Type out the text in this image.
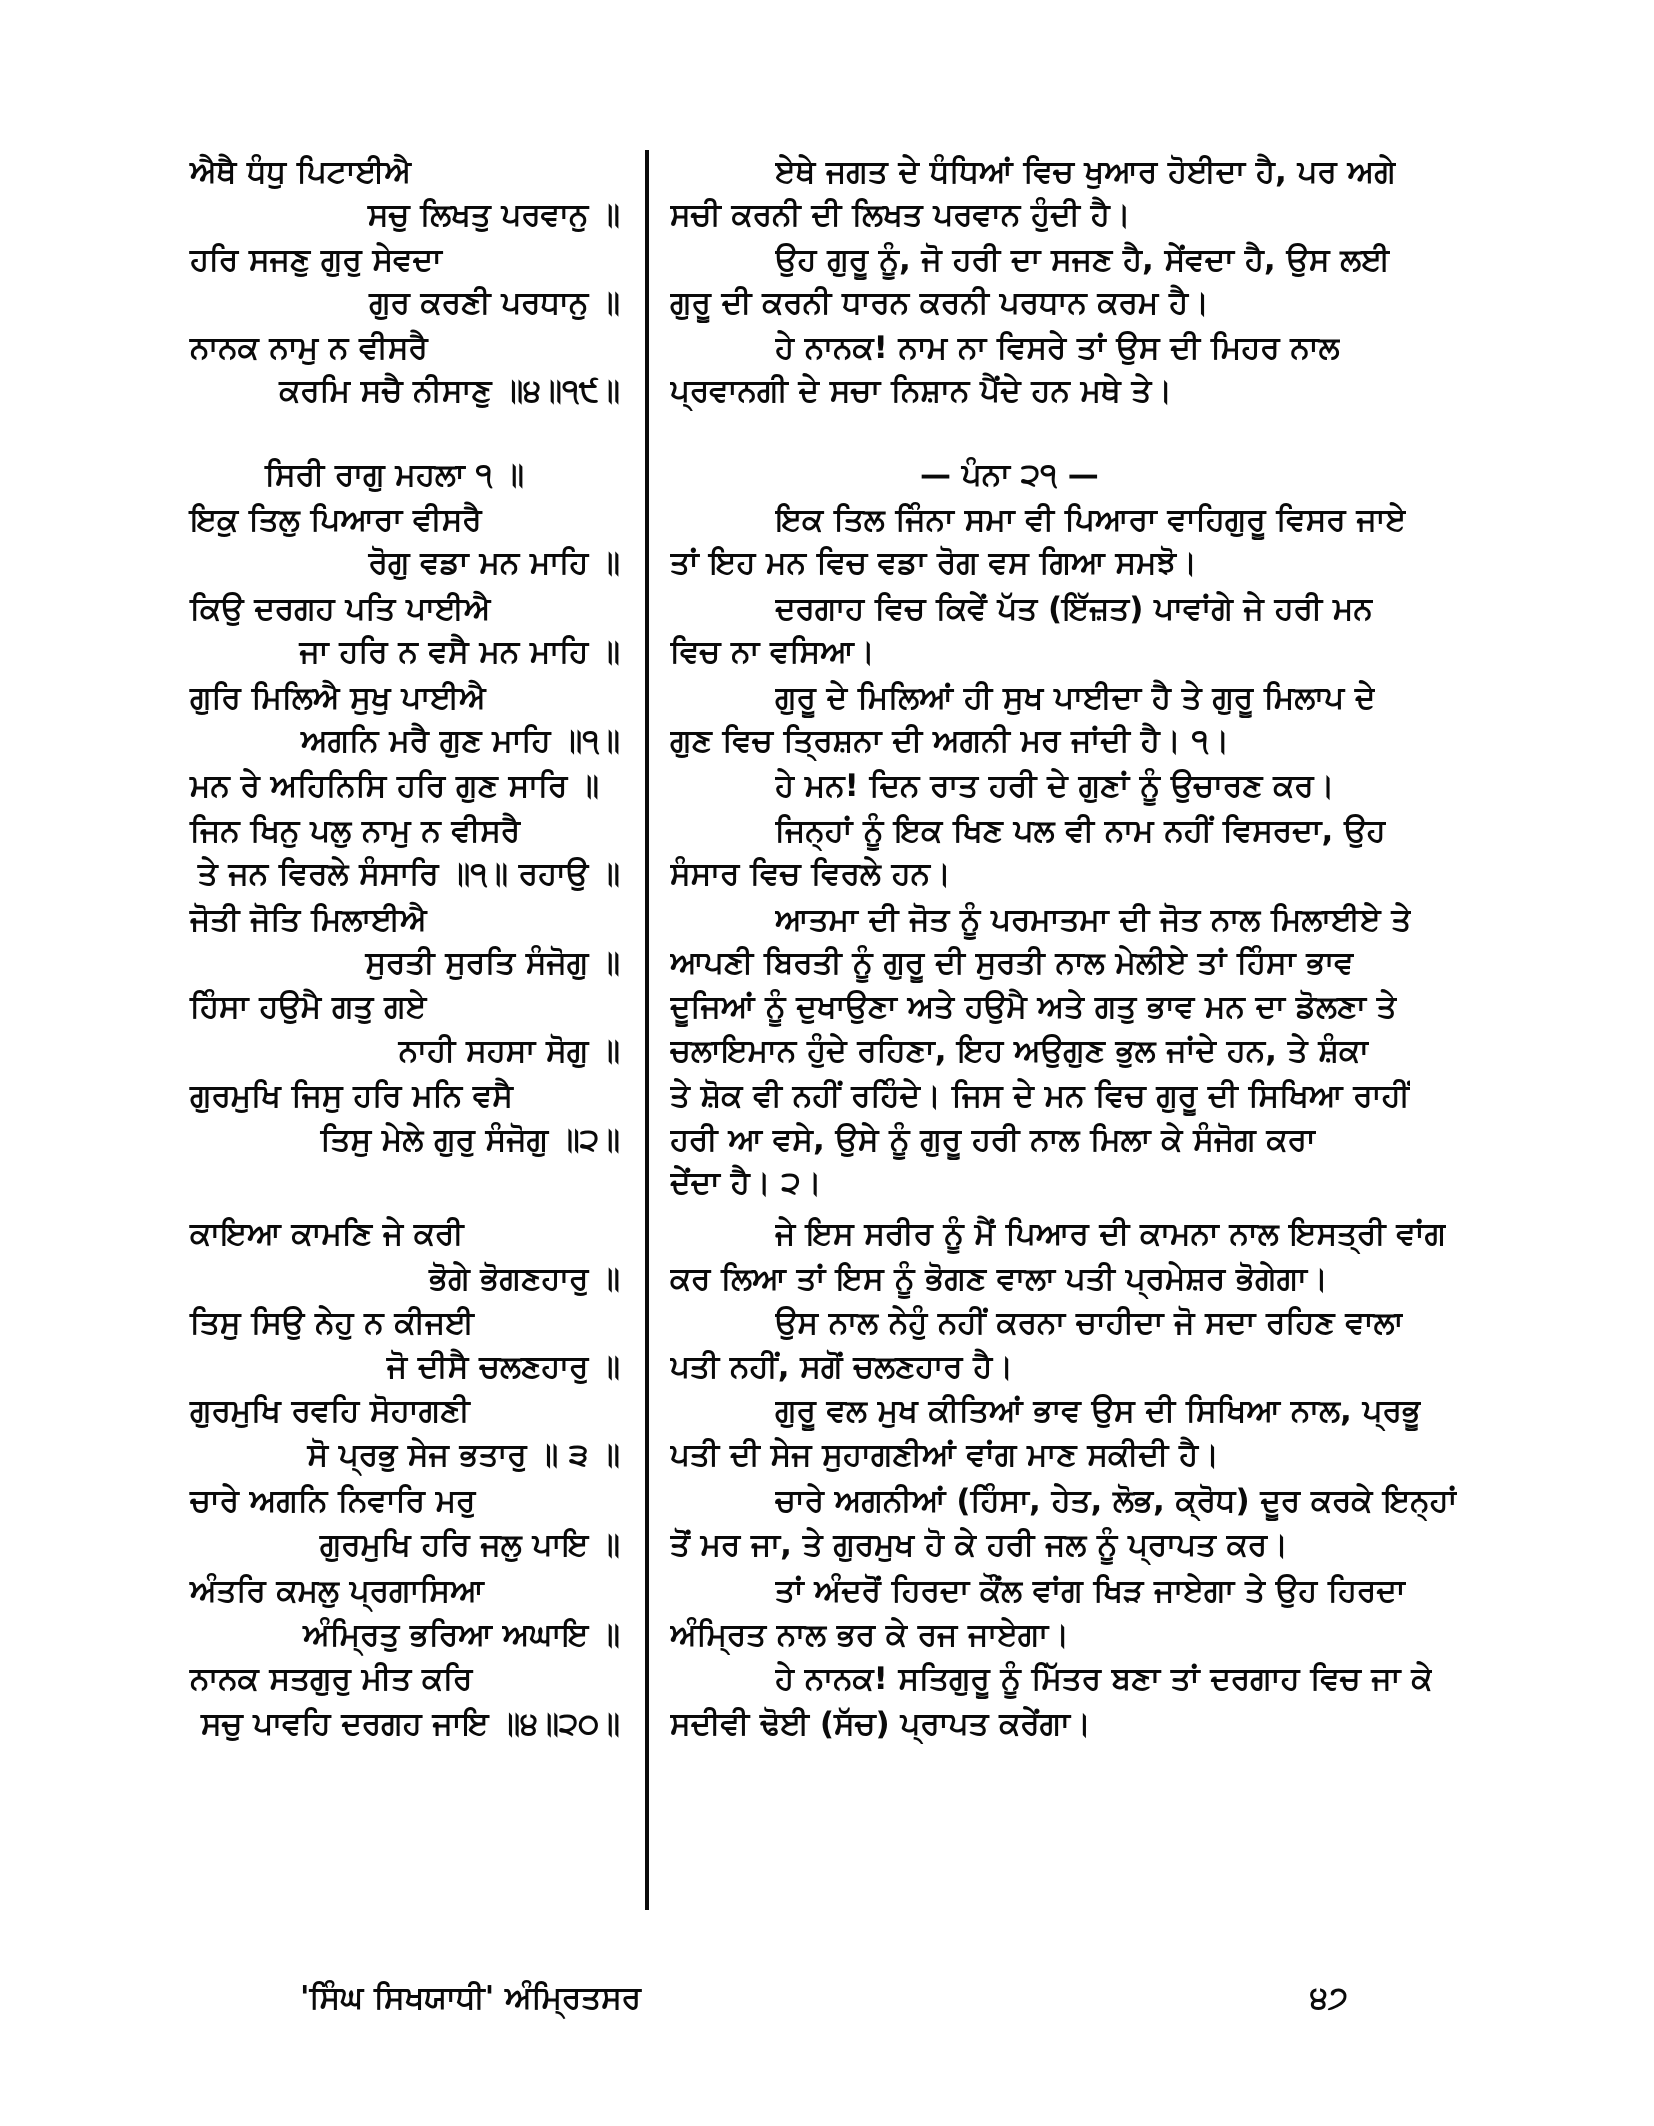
ਐਥੈ ਧੰਧੁ ਪਿਟਾਈਐ
ਸਚੁ ਲਿਖਤੁ ਪਰਵਾਨੁ ॥
ਹਰਿ ਸਜਣੁ ਗੁਰੁ ਸੇਵਦਾ
ਗੁਰ ਕਰਣੀ ਪਰਧਾਨੁ ॥
ਨਾਨਕ ਨਾਮੁ ਨ ਵੀਸਰੈ
ਕਰਮਿ ਸਚੈ ਨੀਸਾਣੁ ॥੪॥੧੯॥
ਸਿਰੀ ਰਾਗੁ ਮਹਲਾ ੧ ॥
ਇਕੁ ਤਿਲੁ ਪਿਆਰਾ ਵੀਸਰੈ
ਰੋਗੁ ਵਡਾ ਮਨ ਮਾਹਿ ॥
ਕਿਉ ਦਰਗਹ ਪਤਿ ਪਾਈਐ
ਜਾ ਹਰਿ ਨ ਵਸੈ ਮਨ ਮਾਹਿ ॥
ਗੁਰਿ ਮਿਲਿਐ ਸੁਖੁ ਪਾਈਐ
ਅਗਨਿ ਮਰੈ ਗੁਣ ਮਾਹਿ ॥੧॥
ਮਨ ਰੇ ਅਹਿਨਿਸਿ ਹਰਿ ਗੁਣ ਸਾਰਿ ॥
ਜਿਨ ਖਿਨੁ ਪਲੁ ਨਾਮੁ ਨ ਵੀਸਰੈ
ਤੇ ਜਨ ਵਿਰਲੇ ਸੰਸਾਰਿ ॥੧॥ ਰਹਾਉ ॥
ਜੋਤੀ ਜੋਤਿ ਮਿਲਾਈਐ
ਸੁਰਤੀ ਸੁਰਤਿ ਸੰਜੋਗੁ ॥
ਹਿੰਸਾ ਹਉਮੈ ਗਤੁ ਗਏ
ਨਾਹੀ ਸਹਸਾ ਸੋਗੁ ॥
ਗੁਰਮੁਖਿ ਜਿਸੁ ਹਰਿ ਮਨਿ ਵਸੈ
ਤਿਸੁ ਮੇਲੇ ਗੁਰੁ ਸੰਜੋਗੁ ॥੨॥
ਕਾਇਆ ਕਾਮਣਿ ਜੇ ਕਰੀ
ਭੋਗੇ ਭੋਗਣਹਾਰੁ ॥
ਤਿਸੁ ਸਿਉ ਨੇਹੁ ਨ ਕੀਜਈ
ਜੋ ਦੀਸੈ ਚਲਣਹਾਰੁ ॥
ਗੁਰਮੁਖਿ ਰਵਹਿ ਸੋਹਾਗਣੀ
ਸੋ ਪ੍ਰਭੁ ਸੇਜ ਭਤਾਰੁ ॥ ੩ ॥
ਚਾਰੇ ਅਗਨਿ ਨਿਵਾਰਿ ਮਰੁ
ਗੁਰਮੁਖਿ ਹਰਿ ਜਲੁ ਪਾਇ ॥
ਅੰਤਰਿ ਕਮਲੁ ਪ੍ਰਗਾਸਿਆ
ਅੰਮ੍ਰਿਤੁ ਭਰਿਆ ਅਘਾਇ ॥
ਨਾਨਕ ਸਤਗੁਰੁ ਮੀਤ ਕਰਿ
ਸਚੁ ਪਾਵਹਿ ਦਰਗਹ ਜਾਇ ॥੪॥੨੦॥
ਏਥੇ ਜਗਤ ਦੇ ਧੰਧਿਆਂ ਵਿਚ ਖੁਆਰ ਹੋਈਦਾ ਹੈ, ਪਰ ਅਗੇ
ਸਚੀ ਕਰਨੀ ਦੀ ਲਿਖਤ ਪਰਵਾਨ ਹੁੰਦੀ ਹੈ।
ਉਹ ਗੁਰੂ ਨੂੰ, ਜੋ ਹਰੀ ਦਾ ਸਜਣ ਹੈ, ਸੇਂਵਦਾ ਹੈ, ਉਸ ਲਈ
ਗੁਰੂ ਦੀ ਕਰਨੀ ਧਾਰਨ ਕਰਨੀ ਪਰਧਾਨ ਕਰਮ ਹੈ।
ਹੇ ਨਾਨਕ! ਨਾਮ ਨਾ ਵਿਸਰੇ ਤਾਂ ਉਸ ਦੀ ਮਿਹਰ ਨਾਲ
ਪ੍ਰਵਾਨਗੀ ਦੇ ਸਚਾ ਨਿਸ਼ਾਨ ਪੈਂਦੇ ਹਨ ਮਥੇ ਤੇ।
— ਪੰਨਾ ੨੧ —
ਇਕ ਤਿਲ ਜਿੰਨਾ ਸਮਾ ਵੀ ਪਿਆਰਾ ਵਾਹਿਗੁਰੂ ਵਿਸਰ ਜਾਏ
ਤਾਂ ਇਹ ਮਨ ਵਿਚ ਵਡਾ ਰੋਗ ਵਸ ਗਿਆ ਸਮਝੋ।
ਦਰਗਾਹ ਵਿਚ ਕਿਵੇਂ ਪੱਤ (ਇੱਜ਼ਤ) ਪਾਵਾਂਗੇ ਜੇ ਹਰੀ ਮਨ
ਵਿਚ ਨਾ ਵਸਿਆ।
ਗੁਰੂ ਦੇ ਮਿਲਿਆਂ ਹੀ ਸੁਖ ਪਾਈਦਾ ਹੈ ਤੇ ਗੁਰੂ ਮਿਲਾਪ ਦੇ
ਗੁਣ ਵਿਚ ਤ੍ਰਿਸ਼ਨਾ ਦੀ ਅਗਨੀ ਮਰ ਜਾਂਦੀ ਹੈ। ੧।
ਹੇ ਮਨ! ਦਿਨ ਰਾਤ ਹਰੀ ਦੇ ਗੁਣਾਂ ਨੂੰ ਉਚਾਰਣ ਕਰ।
ਜਿਨ੍ਹਾਂ ਨੂੰ ਇਕ ਖਿਣ ਪਲ ਵੀ ਨਾਮ ਨਹੀਂ ਵਿਸਰਦਾ, ਉਹ
ਸੰਸਾਰ ਵਿਚ ਵਿਰਲੇ ਹਨ।
ਆਤਮਾ ਦੀ ਜੋਤ ਨੂੰ ਪਰਮਾਤਮਾ ਦੀ ਜੋਤ ਨਾਲ ਮਿਲਾਈਏ ਤੇ
ਆਪਣੀ ਬਿਰਤੀ ਨੂੰ ਗੁਰੂ ਦੀ ਸੁਰਤੀ ਨਾਲ ਮੇਲੀਏ ਤਾਂ ਹਿੰਸਾ ਭਾਵ
ਦੂਜਿਆਂ ਨੂੰ ਦੁਖਾਉਣਾ ਅਤੇ ਹਉਮੈ ਅਤੇ ਗਤੁ ਭਾਵ ਮਨ ਦਾ ਡੋਲਣਾ ਤੇ
ਚਲਾਇਮਾਨ ਹੁੰਦੇ ਰਹਿਣਾ, ਇਹ ਅਉਗੁਣ ਭੁਲ ਜਾਂਦੇ ਹਨ, ਤੇ ਸ਼ੰਕਾ
ਤੇ ਸ਼ੋਕ ਵੀ ਨਹੀਂ ਰਹਿੰਦੇ। ਜਿਸ ਦੇ ਮਨ ਵਿਚ ਗੁਰੂ ਦੀ ਸਿਖਿਆ ਰਾਹੀਂ
ਹਰੀ ਆ ਵਸੇ, ਉਸੇ ਨੂੰ ਗੁਰੂ ਹਰੀ ਨਾਲ ਮਿਲਾ ਕੇ ਸੰਜੋਗ ਕਰਾ
ਦੇਂਦਾ ਹੈ। ੨।
ਜੇ ਇਸ ਸਰੀਰ ਨੂੰ ਮੈਂ ਪਿਆਰ ਦੀ ਕਾਮਨਾ ਨਾਲ ਇਸਤ੍ਰੀ ਵਾਂਗ
ਕਰ ਲਿਆ ਤਾਂ ਇਸ ਨੂੰ ਭੋਗਣ ਵਾਲਾ ਪਤੀ ਪ੍ਰਮੇਸ਼ਰ ਭੋਗੇਗਾ।
ਉਸ ਨਾਲ ਨੇਹੁੰ ਨਹੀਂ ਕਰਨਾ ਚਾਹੀਦਾ ਜੋ ਸਦਾ ਰਹਿਣ ਵਾਲਾ
ਪਤੀ ਨਹੀਂ, ਸਗੋਂ ਚਲਣਹਾਰ ਹੈ।
ਗੁਰੂ ਵਲ ਮੁਖ ਕੀਤਿਆਂ ਭਾਵ ਉਸ ਦੀ ਸਿਖਿਆ ਨਾਲ, ਪ੍ਰਭੂ
ਪਤੀ ਦੀ ਸੇਜ ਸੁਹਾਗਣੀਆਂ ਵਾਂਗ ਮਾਣ ਸਕੀਦੀ ਹੈ।
ਚਾਰੇ ਅਗਨੀਆਂ (ਹਿੰਸਾ, ਹੇਤ, ਲੋਭ, ਕ੍ਰੋਧ) ਦੂਰ ਕਰਕੇ ਇਨ੍ਹਾਂ
ਤੋਂ ਮਰ ਜਾ, ਤੇ ਗੁਰਮੁਖ ਹੋ ਕੇ ਹਰੀ ਜਲ ਨੂੰ ਪ੍ਰਾਪਤ ਕਰ।
ਤਾਂ ਅੰਦਰੋਂ ਹਿਰਦਾ ਕੌਂਲ ਵਾਂਗ ਖਿੜ ਜਾਏਗਾ ਤੇ ਉਹ ਹਿਰਦਾ
ਅੰਮ੍ਰਿਤ ਨਾਲ ਭਰ ਕੇ ਰਜ ਜਾਏਗਾ।
ਹੇ ਨਾਨਕ! ਸਤਿਗੁਰੂ ਨੂੰ ਮਿੱਤਰ ਬਣਾ ਤਾਂ ਦਰਗਾਹ ਵਿਚ ਜਾ ਕੇ
ਸਦੀਵੀ ਢੋਈ (ਸੱਚ) ਪ੍ਰਾਪਤ ਕਰੇਂਗਾ।
'ਸਿੰਘ ਸਿਖਯਾਧੀ' ਅੰਮ੍ਰਿਤਸਰ	੪੭
